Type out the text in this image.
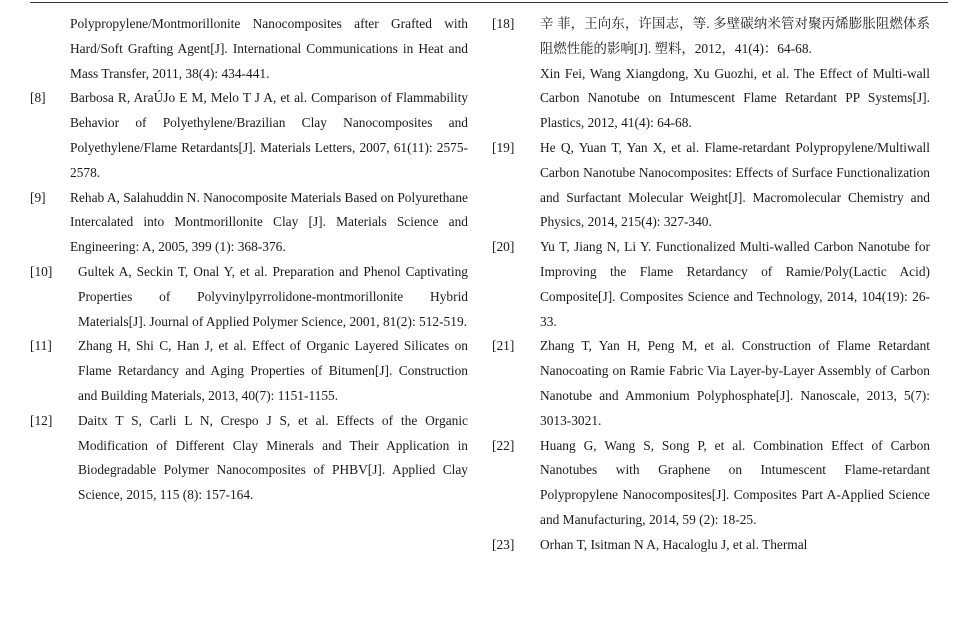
Polypropylene/Montmorillonite Nanocomposites after Grafted with Hard/Soft Grafting Agent[J]. International Communications in Heat and Mass Transfer, 2011, 38(4): 434-441.
[8]	Barbosa R, AraÚJo E M, Melo T J A, et al. Comparison of Flammability Behavior of Polyethylene/Brazilian Clay Nanocomposites and Polyethylene/Flame Retardants[J]. Materials Letters, 2007, 61(11): 2575-2578.
[9]	Rehab A, Salahuddin N. Nanocomposite Materials Based on Polyurethane Intercalated into Montmorillonite Clay [J]. Materials Science and Engineering: A, 2005, 399 (1): 368-376.
[10]	Gultek A, Seckin T, Onal Y, et al. Preparation and Phenol Captivating Properties of Polyvinylpyrrolidone-montmorillonite Hybrid Materials[J]. Journal of Applied Polymer Science, 2001, 81(2): 512-519.
[11]	Zhang H, Shi C, Han J, et al. Effect of Organic Layered Silicates on Flame Retardancy and Aging Properties of Bitumen[J]. Construction and Building Materials, 2013, 40(7): 1151-1155.
[12]	Daitx T S, Carli L N, Crespo J S, et al. Effects of the Organic Modification of Different Clay Minerals and Their Application in Biodegradable Polymer Nanocomposites of PHBV[J]. Applied Clay Science, 2015, 115 (8): 157-164.
[18]	辛 菲，王向东，许国志，等. 多壁碳纳米管对聚丙烯膨胀阻燃体系阻燃性能的影响[J]. 塑料，2012，41(4)：64-68.
Xin Fei, Wang Xiangdong, Xu Guozhi, et al. The Effect of Multi-wall Carbon Nanotube on Intumescent Flame Retardant PP Systems[J]. Plastics, 2012, 41(4): 64-68.
[19]	He Q, Yuan T, Yan X, et al. Flame-retardant Polypropylene/Multiwall Carbon Nanotube Nanocomposites: Effects of Surface Functionalization and Surfactant Molecular Weight[J]. Macromolecular Chemistry and Physics, 2014, 215(4): 327-340.
[20]	Yu T, Jiang N, Li Y. Functionalized Multi-walled Carbon Nanotube for Improving the Flame Retardancy of Ramie/Poly(Lactic Acid) Composite[J]. Composites Science and Technology, 2014, 104(19): 26-33.
[21]	Zhang T, Yan H, Peng M, et al. Construction of Flame Retardant Nanocoating on Ramie Fabric Via Layer-by-Layer Assembly of Carbon Nanotube and Ammonium Polyphosphate[J]. Nanoscale, 2013, 5(7): 3013-3021.
[22]	Huang G, Wang S, Song P, et al. Combination Effect of Carbon Nanotubes with Graphene on Intumescent Flame-retardant Polypropylene Nanocomposites[J]. Composites Part A-Applied Science and Manufacturing, 2014, 59 (2): 18-25.
[23]	Orhan T, Isitman N A, Hacaloglu J, et al. Thermal
